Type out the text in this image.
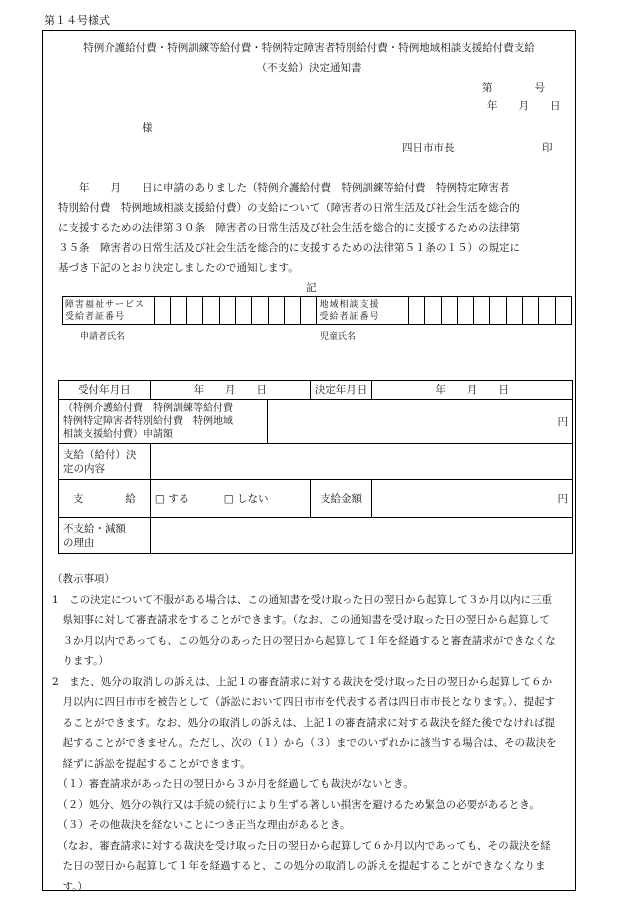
第１４号様式
特例介護給付費・特例訓練等給付費・特例特定障害者特別給付費・特例地域相談支援給付費支給
（不支給）決定通知書
第　　　　号
年　　月　　日
様
四日市市長	印
　　年　　月　　日に申請のありました（特例介護給付費　特例訓練等給付費　特例特定障害者
特別給付費　特例地域相談支援給付費）の支給について（障害者の日常生活及び社会生活を総合的
に支援するための法律第３０条　障害者の日常生活及び社会生活を総合的に支援するための法律第
３５条　障害者の日常生活及び社会生活を総合的に支援するための法律第５１条の１５）の規定に
基づき下記のとおり決定しましたので通知します。
記
障害福祉サービス
受給者証番号

地域相談支援
受給者証番号

申請者氏名	児童氏名
受付年月日	年　　月　　日		決定年月日	年　　月　　日

（特例介護給付費　特例訓練等給付費
特例特定障害者特別給付費　特例地域
相談支援給付費）申請額		円		

支給（給付）決
定の内容				

支　　　　給	□ する □ しない		支給金額	円

不支給・減額
の理由				

（教示事項）
1　この決定について不服がある場合は、この通知書を受け取った日の翌日から起算して３か月以内に三重
　県知事に対して審査請求をすることができます。（なお、この通知書を受け取った日の翌日から起算して
　３か月以内であっても、この処分のあった日の翌日から起算して１年を経過すると審査請求ができなくな
　ります。）
2　また、処分の取消しの訴えは、上記１の審査請求に対する裁決を受け取った日の翌日から起算して６か
　月以内に四日市市を被告として（訴訟において四日市市を代表する者は四日市市長となります。）、提起す
　ることができます。なお、処分の取消しの訴えは、上記１の審査請求に対する裁決を経た後でなければ提
　起することができません。ただし、次の（１）から（３）までのいずれかに該当する場合は、その裁決を
　経ずに訴訟を提起することができます。
　（１）審査請求があった日の翌日から３か月を経過しても裁決がないとき。
　（２）処分、処分の執行又は手続の続行により生ずる著しい損害を避けるため緊急の必要があるとき。
　（３）その他裁決を経ないことにつき正当な理由があるとき。
　（なお、審査請求に対する裁決を受け取った日の翌日から起算して６か月以内であっても、その裁決を経
　た日の翌日から起算して１年を経過すると、この処分の取消しの訴えを提起することができなくなりま
　す。）
